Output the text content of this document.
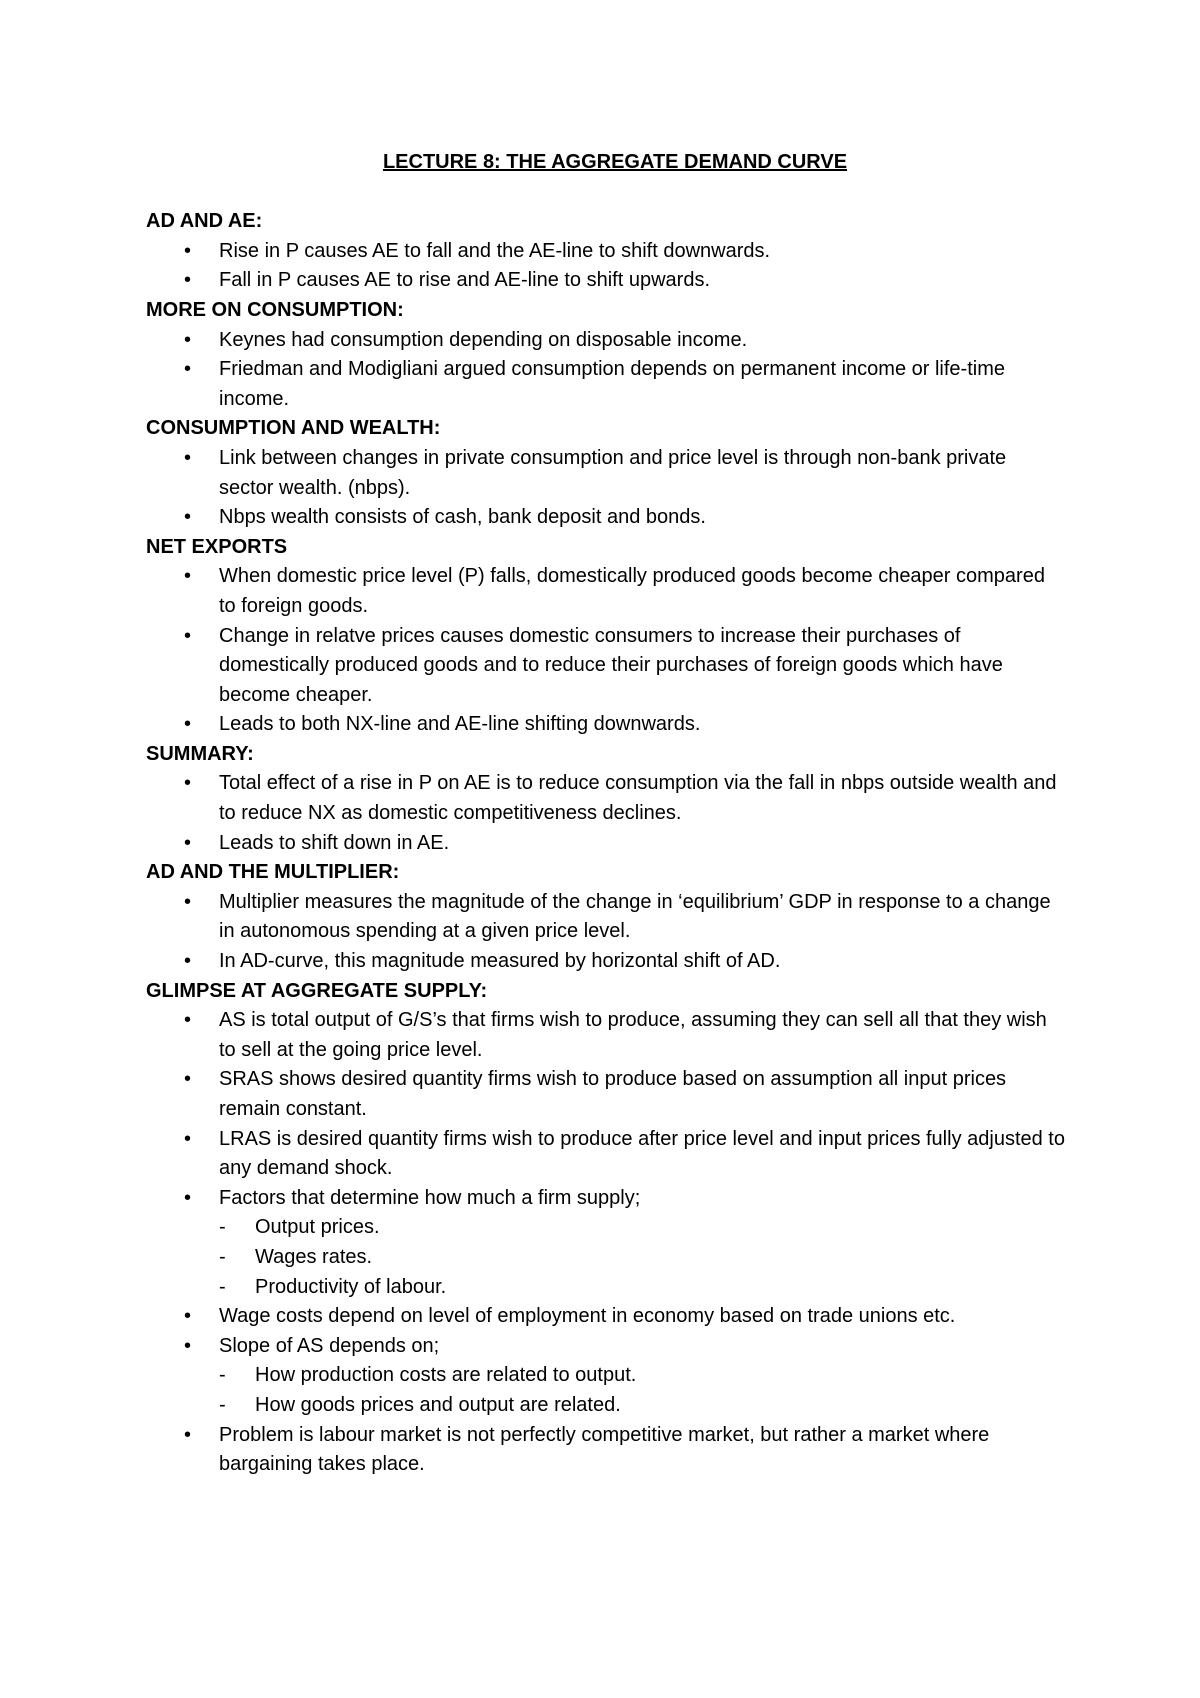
LECTURE 8: THE AGGREGATE DEMAND CURVE
AD AND AE:
• Rise in P causes AE to fall and the AE-line to shift downwards.
• Fall in P causes AE to rise and AE-line to shift upwards.
MORE ON CONSUMPTION:
• Keynes had consumption depending on disposable income.
• Friedman and Modigliani argued consumption depends on permanent income or life-time income.
CONSUMPTION AND WEALTH:
• Link between changes in private consumption and price level is through non-bank private sector wealth. (nbps).
• Nbps wealth consists of cash, bank deposit and bonds.
NET EXPORTS
• When domestic price level (P) falls, domestically produced goods become cheaper compared to foreign goods.
• Change in relatve prices causes domestic consumers to increase their purchases of domestically produced goods and to reduce their purchases of foreign goods which have become cheaper.
• Leads to both NX-line and AE-line shifting downwards.
SUMMARY:
• Total effect of a rise in P on AE is to reduce consumption via the fall in nbps outside wealth and to reduce NX as domestic competitiveness declines.
• Leads to shift down in AE.
AD AND THE MULTIPLIER:
• Multiplier measures the magnitude of the change in ‘equilibrium’ GDP in response to a change in autonomous spending at a given price level.
• In AD-curve, this magnitude measured by horizontal shift of AD.
GLIMPSE AT AGGREGATE SUPPLY:
• AS is total output of G/S’s that firms wish to produce, assuming they can sell all that they wish to sell at the going price level.
• SRAS shows desired quantity firms wish to produce based on assumption all input prices remain constant.
• LRAS is desired quantity firms wish to produce after price level and input prices fully adjusted to any demand shock.
• Factors that determine how much a firm supply;
- Output prices.
- Wages rates.
- Productivity of labour.
• Wage costs depend on level of employment in economy based on trade unions etc.
• Slope of AS depends on;
- How production costs are related to output.
- How goods prices and output are related.
• Problem is labour market is not perfectly competitive market, but rather a market where bargaining takes place.
